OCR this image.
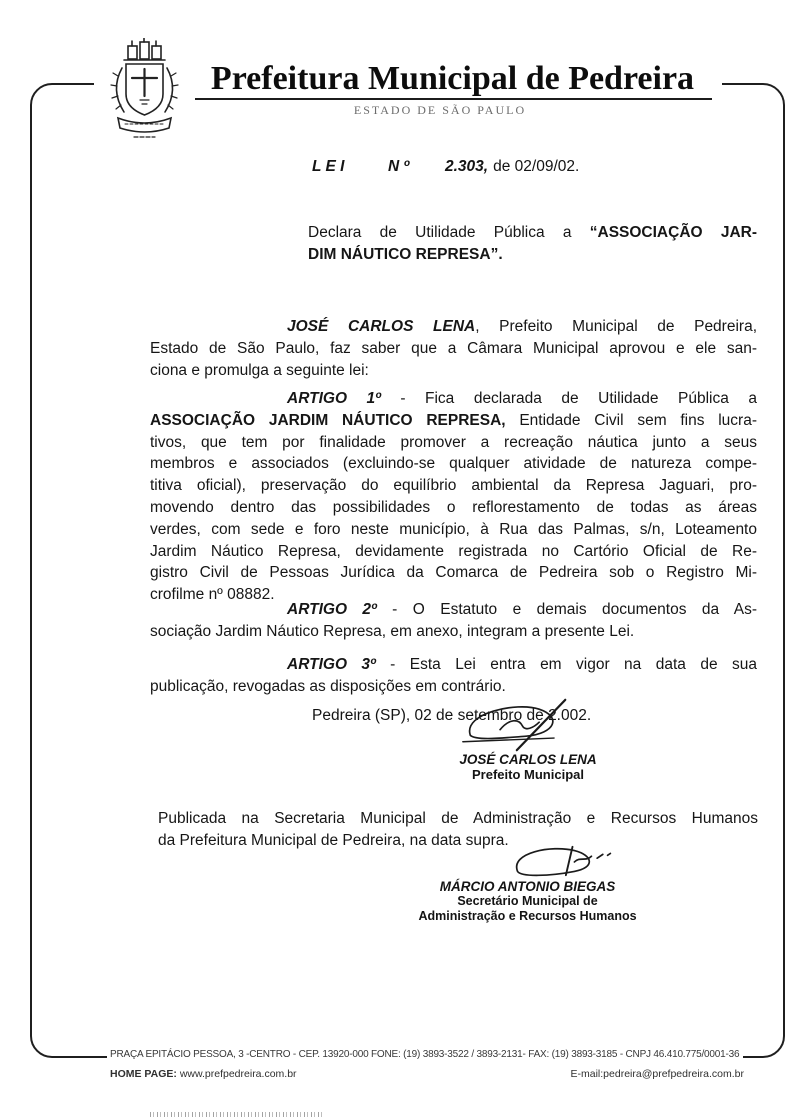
Prefeitura Municipal de Pedreira
ESTADO DE SÃO PAULO
L E I	N º 2.303, de 02/09/02.
Declara de Utilidade Pública a “ASSOCIAÇÃO JAR-
DIM NÁUTICO REPRESA”.
JOSÉ CARLOS LENA, Prefeito Municipal de Pedreira,
Estado de São Paulo, faz saber que a Câmara Municipal aprovou e ele san-
ciona e promulga a seguinte lei:
ARTIGO 1º - Fica declarada de Utilidade Pública a
ASSOCIAÇÃO JARDIM NÁUTICO REPRESA, Entidade Civil sem fins lucra-
tivos, que tem por finalidade promover a recreação náutica junto a seus
membros e associados (excluindo-se qualquer atividade de natureza compe-
titiva oficial), preservação do equilíbrio ambiental da Represa Jaguari, pro-
movendo dentro das possibilidades o reflorestamento de todas as áreas
verdes, com sede e foro neste município, à Rua das Palmas, s/n, Loteamento
Jardim Náutico Represa, devidamente registrada no Cartório Oficial de Re-
gistro Civil de Pessoas Jurídica da Comarca de Pedreira sob o Registro Mi-
crofilme nº 08882.
ARTIGO 2º - O Estatuto e demais documentos da As-
sociação Jardim Náutico Represa, em anexo, integram a presente Lei.
ARTIGO 3º - Esta Lei entra em vigor na data de sua
publicação, revogadas as disposições em contrário.
Pedreira (SP), 02 de setembro de 2.002.
JOSÉ CARLOS LENA
Prefeito Municipal
Publicada na Secretaria Municipal de Administração e Recursos Humanos
da Prefeitura Municipal de Pedreira, na data supra.
MÁRCIO ANTONIO BIEGAS
Secretário Municipal de
Administração e Recursos Humanos
PRAÇA EPITÁCIO PESSOA, 3 -CENTRO - CEP. 13920-000 FONE: (19) 3893-3522 / 3893-2131- FAX: (19) 3893-3185 - CNPJ 46.410.775/0001-36
HOME PAGE: www.prefpedreira.com.br	E-mail:pedreira@prefpedreira.com.br
